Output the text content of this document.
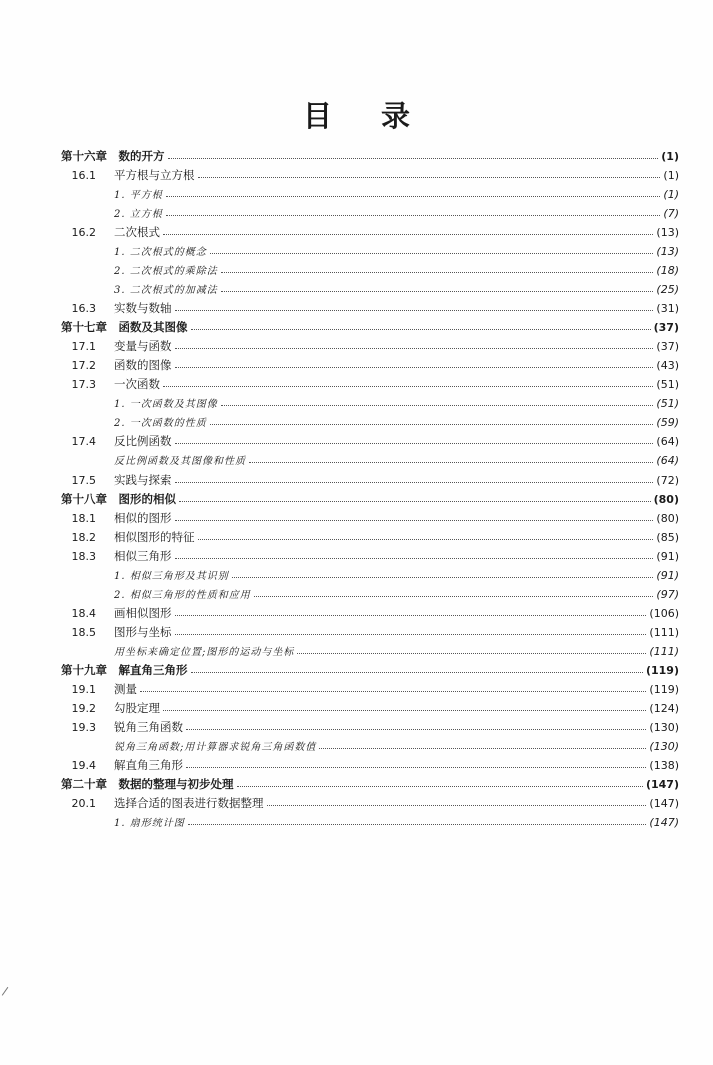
目 录
第十六章　数的开方	(1)
16.1 平方根与立方根	(1)
1. 平方根	(1)
2. 立方根	(7)
16.2 二次根式	(13)
1. 二次根式的概念	(13)
2. 二次根式的乘除法	(18)
3. 二次根式的加减法	(25)
16.3 实数与数轴	(31)
第十七章　函数及其图像	(37)
17.1 变量与函数	(37)
17.2 函数的图像	(43)
17.3 一次函数	(51)
1. 一次函数及其图像	(51)
2. 一次函数的性质	(59)
17.4 反比例函数	(64)
反比例函数及其图像和性质	(64)
17.5 实践与探索	(72)
第十八章　图形的相似	(80)
18.1 相似的图形	(80)
18.2 相似图形的特征	(85)
18.3 相似三角形	(91)
1. 相似三角形及其识别	(91)
2. 相似三角形的性质和应用	(97)
18.4 画相似图形	(106)
18.5 图形与坐标	(111)
用坐标来确定位置;图形的运动与坐标	(111)
第十九章　解直角三角形	(119)
19.1 测量	(119)
19.2 勾股定理	(124)
19.3 锐角三角函数	(130)
锐角三角函数;用计算器求锐角三角函数值	(130)
19.4 解直角三角形	(138)
第二十章　数据的整理与初步处理	(147)
20.1 选择合适的图表进行数据整理	(147)
1. 扇形统计图	(147)
